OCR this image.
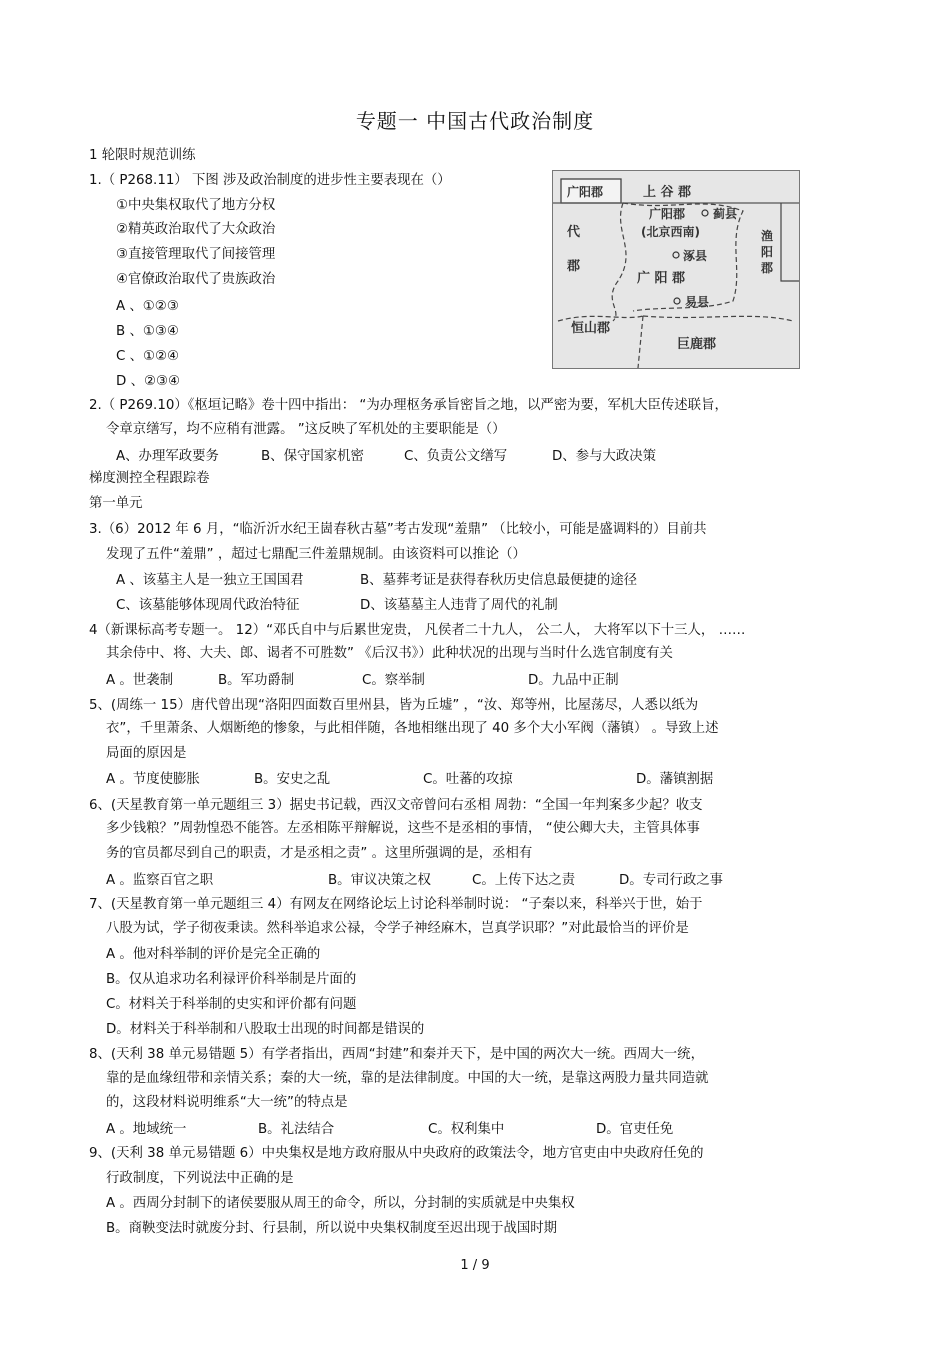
专题一 中国古代政治制度
1 轮限时规范训练
1.（ P268.11） 下图 涉及政治制度的进步性主要表现在（）
①中央集权取代了地方分权
②精英政治取代了大众政治
③直接管理取代了间接管理
④官僚政治取代了贵族政治
A 、①②③
B 、①③④
C 、①②④
D 、②③④
广阳郡	上 谷 郡
代
郡
广阳郡 蓟县
(北京西南)
涿县
广 阳 郡
易县
渔
阳
郡
恒山郡
巨鹿郡
2.（ P269.10）《枢垣记略》卷十四中指出： “为办理枢务承旨密旨之地，以严密为要，军机大臣传述联旨，
令章京缮写，均不应稍有泄露。 ”这反映了军机处的主要职能是（）
A、办理军政要务	B、保守国家机密	C、负责公文缮写	D、参与大政决策
梯度测控全程跟踪卷
第一单元
3.（6）2012 年 6 月，“临沂沂水纪王崮春秋古墓”考古发现“羞鼎” （比较小，可能是盛调料的）目前共
发现了五件“羞鼎” ，超过七鼎配三件羞鼎规制。由该资料可以推论（）
A 、该墓主人是一独立王国国君	B、墓葬考证是获得春秋历史信息最便捷的途径
C、该墓能够体现周代政治特征	D、该墓墓主人违背了周代的礼制
4（新课标高考专题一。 12）“邓氏自中与后累世宠贵， 凡侯者二十九人， 公二人， 大将军以下十三人， ……
其余侍中、将、大夫、郎、谒者不可胜数” 《后汉书》）此种状况的出现与当时什么选官制度有关
A 。世袭制	B。军功爵制	C。察举制	D。九品中正制
5、(周练一 15）唐代曾出现“洛阳四面数百里州县，皆为丘墟” ，“汝、郑等州，比屋荡尽，人悉以纸为
衣”，千里萧条、人烟断绝的惨象，与此相伴随，各地相继出现了 40 多个大小军阀（藩镇） 。导致上述
局面的原因是
A 。节度使膨胀	B。安史之乱	C。吐蕃的攻掠	D。藩镇割据
6、(天星教育第一单元题组三 3）据史书记载，西汉文帝曾问右丞相 周勃：“全国一年判案多少起？收支
多少钱粮？”周勃惶恐不能答。左丞相陈平辩解说，这些不是丞相的事情， “使公卿大夫，主管具体事
务的官员都尽到自己的职责，才是丞相之责” 。这里所强调的是，丞相有
A 。监察百官之职	B。审议决策之权	C。上传下达之责	D。专司行政之事
7、(天星教育第一单元题组三 4）有网友在网络论坛上讨论科举制时说： “子秦以来，科举兴于世，始于
八股为试，学子彻夜秉读。然科举追求公禄，令学子神经麻木，岂真学识耶？”对此最恰当的评价是
A 。他对科举制的评价是完全正确的
B。仅从追求功名利禄评价科举制是片面的
C。材料关于科举制的史实和评价都有问题
D。材料关于科举制和八股取士出现的时间都是错误的
8、(天利 38 单元易错题 5）有学者指出，西周“封建”和秦并天下，是中国的两次大一统。西周大一统，
靠的是血缘纽带和亲情关系；秦的大一统，靠的是法律制度。中国的大一统，是靠这两股力量共同造就
的，这段材料说明维系“大一统”的特点是
A 。地域统一	B。礼法结合	C。权利集中	D。官吏任免
9、(天利 38 单元易错题 6）中央集权是地方政府服从中央政府的政策法令，地方官吏由中央政府任免的
行政制度，下列说法中正确的是
A 。西周分封制下的诸侯要服从周王的命令，所以，分封制的实质就是中央集权
B。商鞅变法时就废分封、行县制，所以说中央集权制度至迟出现于战国时期
1 / 9
